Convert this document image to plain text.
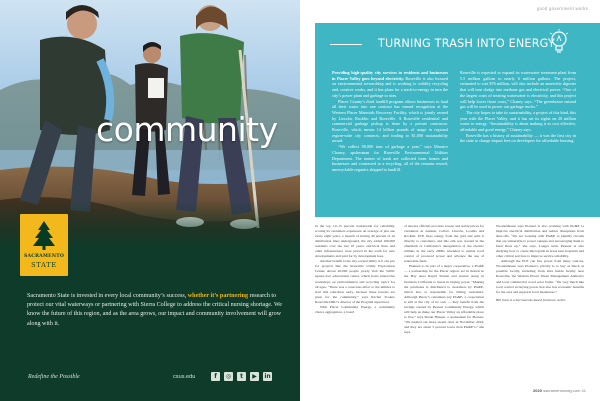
community
SACRAMENTO
STATE
Sacramento State is invested in every local community’s success, whether it’s partnering research to protect our vital waterways or partnering with Sierra College to address the critical nursing shortage. We know the future of this region, and as the area grows, our impact and community involvement will grow along with it.
Redefine the Possible	csus.edu	f	◎	t	▶	in
good government works
TURNING TRASH INTO ENERGY

Providing high-quality city services to residents and businesses in Placer Valley goes beyond electricity. Roseville is also focused on environmental stewardship and is working to solidify recycling and, creative works, and it has plans for a trash-to-energy in turn the city’s power plant and garbage to sites.

Placer County’s third landfill program allows businesses to haul all their waste into one contract has earned recognition at the Western Placer Materials Recovery Facility, which is jointly owned by Lincoln, Rocklin and Roseville. A Roseville residential and commercial garbage pickup is done by a private contractor. Roseville, which means 14 billion pounds of usage in regional region-wide city contracts, and trading to $1,000 sustainability award.

“We collect 90,000 tons of garbage a year,” says Maurice Chaney, spokesman for Roseville Environmental Utilities Department. The tonnes of trash are collected from homes and businesses and contracted to a recycling, all of the remains reused, unrecyclable organics shipped to landfill.

Roseville is expected to expand its wastewater treatment plant from 5.5 million gallons to nearly 6 million gallons. The project, estimated to cost $76 million, will also include an anaerobic digester that will turn sludge into methane gas and electrical power. “One of the largest costs of treating wastewater is electricity, and this project will help lower those costs,” Chaney says. “The greenhouse natural gas will be used to power our garbage trucks.”

The city hopes to take its sustainability, a project of this kind, this year with the Placer Valley, and it has set its sights on 20 million waste to energy. “Sustainability is about making it as cost effective, affordable and good energy,” Chaney says.

Roseville has a history of sustainability — it was the first city in the state to charge impact fees on developers for affordable housing.

in the top 10–15 percent nationwide for reliability, scoring its customers experience an average of just one every eight years, a benefit of having 40 percent of its distribution lines underground, the city added 100,000 residents over the last 10 years, electrical lines and other infrastructure were placed in the earth for new developments and paid for by development fees.

Another benefit is the city-owned utility is it can pay for projects like the Roseville Utility Exploration Center. About 40,000 people yearly visit the 5,000-square-foot educational center, which hosts interactive workshops on environmental and recycling topics for all ages. “There was a conscious effort to the utilities to start this education early, because these lessons are great for the community,” says Rachel Tooker, Roseville DRU’s director of the Program supervisor.

With Placer Community Energy, a community choice aggregation, a board

of elected officials procures lowest and stable prices for customers in Auburn, Colfax, Lincoln, Loomis and Rocklin. PCE buys energy from the grid and sells it directly to customers, and this aim was created in the aftermath of California’s deregulation of the electric utilities in the early 2000s. Intended to enable local control of procured power and advance the use of renewable fuels.

Planned to be part of a larger cooperative, a PG&E — a partnership for the Placer region, set in motion in the Bay Area Rapid Transit and started along in Northern California to invest in buying power. “Making the purchases is distributed to customers by PG&E, which also is responsible for billing customers. Although Placer’s customers pay PG&E, a cooperation is still at the city of its own — they benefit from the savings created by Pioneer Community Energy, which will help us make our Placer Valley an affordable place to live,” says Shaun Hansen, a spokesman for Pioneer. “We pushed our more recent rates in November 2019, and they are about 5 percent lower than PG&E’s,” she says.

Woodenhouse says Pioneer is also working with PG&E to improve electrical distribution and reduce disruptions from shut-offs. “We are working with PG&E to identify circuits that are vulnerable to power outages and encouraging them to fund those up,” she says. Longer term, Pioneer is also studying how to create microgrids in areas near hospitals and other critical services to improve service reliability.

Although the PCE can buy power from many sources, Woodenhouse says Pioneer’s priority is to buy as much as possible locally, including from sites inside facility near Roseville, the Western Placer Waste Management Authority and local commercial wood solar farms. “We very much like local control in buying power that also has economic benefits for the area and supports local businesses.”

Bill Sosa is a Sacramento-based freelance writer.

2020 sacramentomag.com 41
